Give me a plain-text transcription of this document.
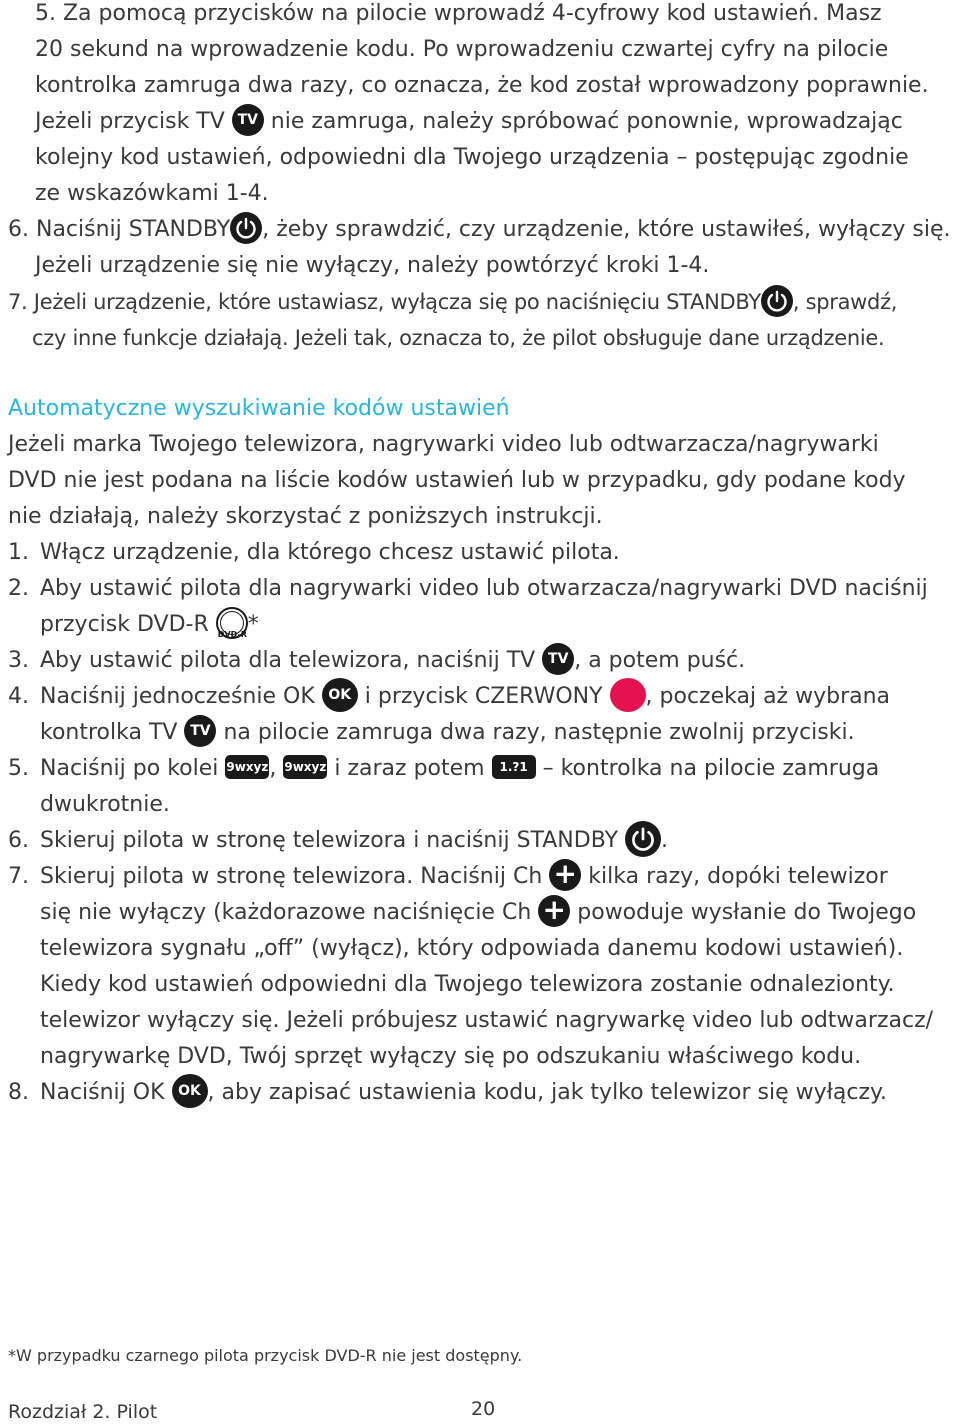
5. Za pomocą przycisków na pilocie wprowadź 4-cyfrowy kod ustawień. Masz
20 sekund na wprowadzenie kodu. Po wprowadzeniu czwartej cyfry na pilocie
kontrolka zamruga dwa razy, co oznacza, że kod został wprowadzony poprawnie.
Jeżeli przycisk TV TV nie zamruga, należy spróbować ponownie, wprowadzając
kolejny kod ustawień, odpowiedni dla Twojego urządzenia – postępując zgodnie
ze wskazówkami 1-4.
6. Naciśnij STANDBY , żeby sprawdzić, czy urządzenie, które ustawiłeś, wyłączy się.
Jeżeli urządzenie się nie wyłączy, należy powtórzyć kroki 1-4.
7. Jeżeli urządzenie, które ustawiasz, wyłącza się po naciśnięciu STANDBY , sprawdź,
czy inne funkcje działają. Jeżeli tak, oznacza to, że pilot obsługuje dane urządzenie.
Automatyczne wyszukiwanie kodów ustawień
Jeżeli marka Twojego telewizora, nagrywarki video lub odtwarzacza/nagrywarki
DVD nie jest podana na liście kodów ustawień lub w przypadku, gdy podane kody
nie działają, należy skorzystać z poniższych instrukcji.
1. Włącz urządzenie, dla którego chcesz ustawić pilota.
2. Aby ustawić pilota dla nagrywarki video lub otwarzacza/nagrywarki DVD naciśnij
przycisk DVD-R DVD-R *
3. Aby ustawić pilota dla telewizora, naciśnij TV TV , a potem puść.
4. Naciśnij jednocześnie OK OK i przycisk CZERWONY , poczekaj aż wybrana
kontrolka TV TV na pilocie zamruga dwa razy, następnie zwolnij przyciski.
5. Naciśnij po kolei 9wxyz, 9wxyz i zaraz potem 1.?1 – kontrolka na pilocie zamruga
dwukrotnie.
6. Skieruj pilota w stronę telewizora i naciśnij STANDBY .
7. Skieruj pilota w stronę telewizora. Naciśnij Ch + kilka razy, dopóki telewizor
się nie wyłączy (każdorazowe naciśnięcie Ch + powoduje wysłanie do Twojego
telewizora sygnału „off” (wyłącz), który odpowiada danemu kodowi ustawień).
Kiedy kod ustawień odpowiedni dla Twojego telewizora zostanie odnalezionty.
telewizor wyłączy się. Jeżeli próbujesz ustawić nagrywarkę video lub odtwarzacz/
nagrywarkę DVD, Twój sprzęt wyłączy się po odszukaniu właściwego kodu.
8. Naciśnij OK OK , aby zapisać ustawienia kodu, jak tylko telewizor się wyłączy.
*W przypadku czarnego pilota przycisk DVD-R nie jest dostępny.
Rozdział 2. Pilot	20
